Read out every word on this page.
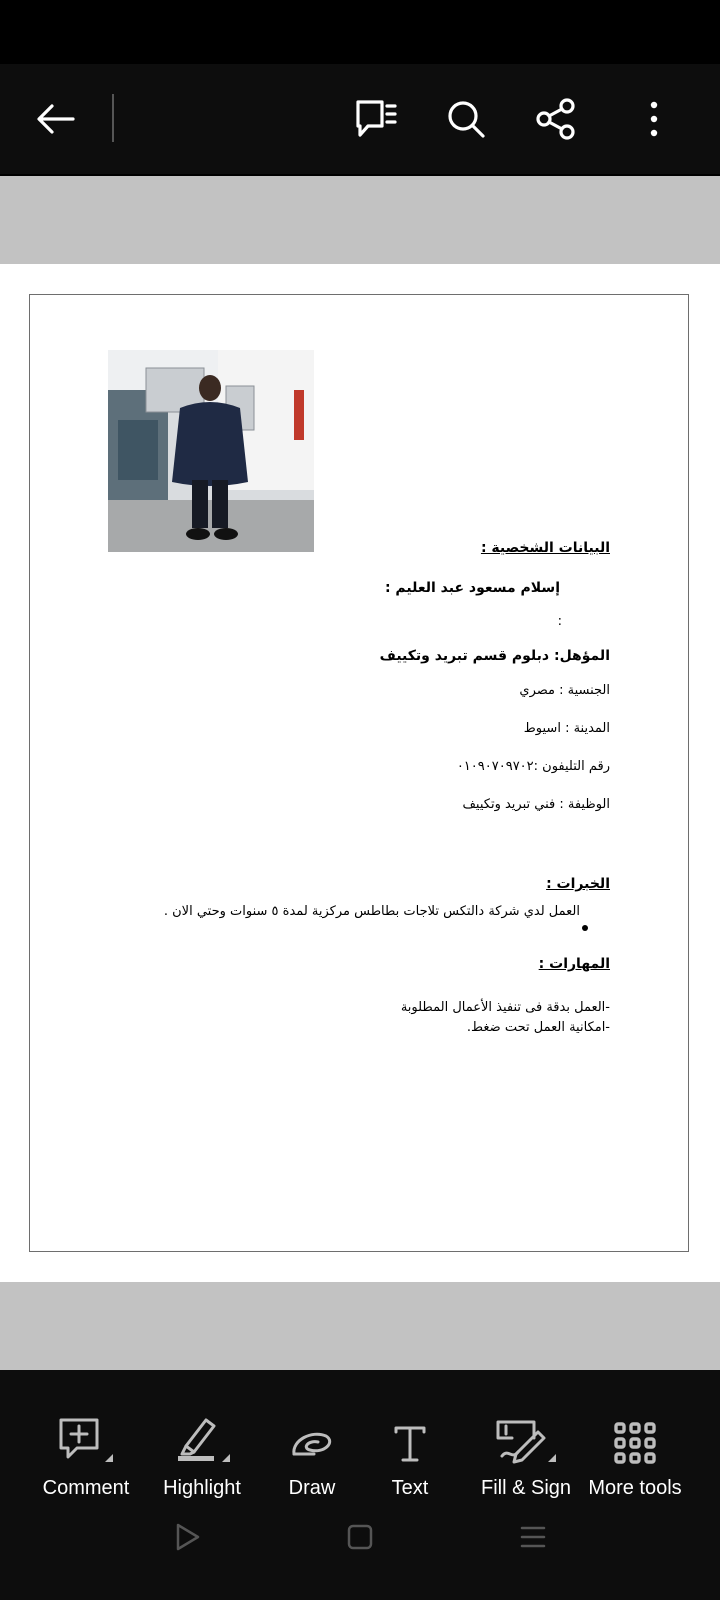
البيانات الشخصية :
إسلام مسعود عبد العليم :
:
المؤهل: دبلوم قسم تبريد وتكييف
الجنسية : مصري
المدينة : اسيوط
رقم التليفون :٠١٠٩٠٧٠٩٧٠٢
الوظيفة : فني تبريد وتكييف
الخبرات :
العمل لدي شركة دالتكس تلاجات بطاطس مركزية لمدة ٥ سنوات وحتي الان .
المهارات :
-العمل بدقة فى تنفيذ الأعمال المطلوبة
-امكانية العمل تحت ضغط.
Comment Highlight Draw	Text	Fill & Sign More tools
